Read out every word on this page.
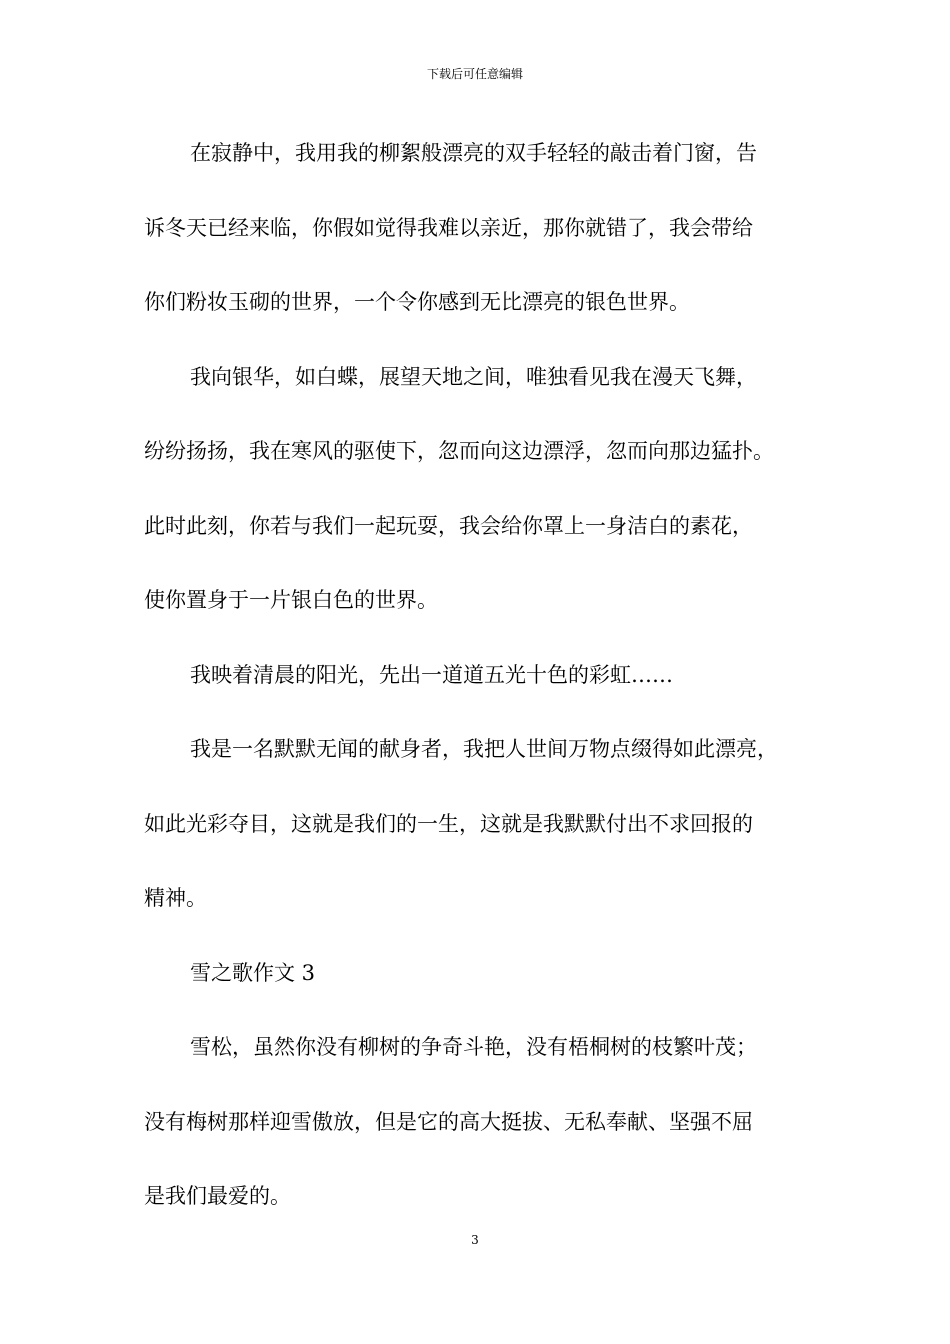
下载后可任意编辑
在寂静中，我用我的柳絮般漂亮的双手轻轻的敲击着门窗，告
诉冬天已经来临，你假如觉得我难以亲近，那你就错了，我会带给
你们粉妆玉砌的世界，一个令你感到无比漂亮的银色世界。
我向银华，如白蝶，展望天地之间，唯独看见我在漫天飞舞，
纷纷扬扬，我在寒风的驱使下，忽而向这边漂浮，忽而向那边猛扑。
此时此刻，你若与我们一起玩耍，我会给你罩上一身洁白的素花，
使你置身于一片银白色的世界。
我映着清晨的阳光，先出一道道五光十色的彩虹……
我是一名默默无闻的献身者，我把人世间万物点缀得如此漂亮，
如此光彩夺目，这就是我们的一生，这就是我默默付出不求回报的
精神。
雪之歌作文 3
雪松，虽然你没有柳树的争奇斗艳，没有梧桐树的枝繁叶茂；
没有梅树那样迎雪傲放，但是它的高大挺拔、无私奉献、坚强不屈
是我们最爱的。
3
